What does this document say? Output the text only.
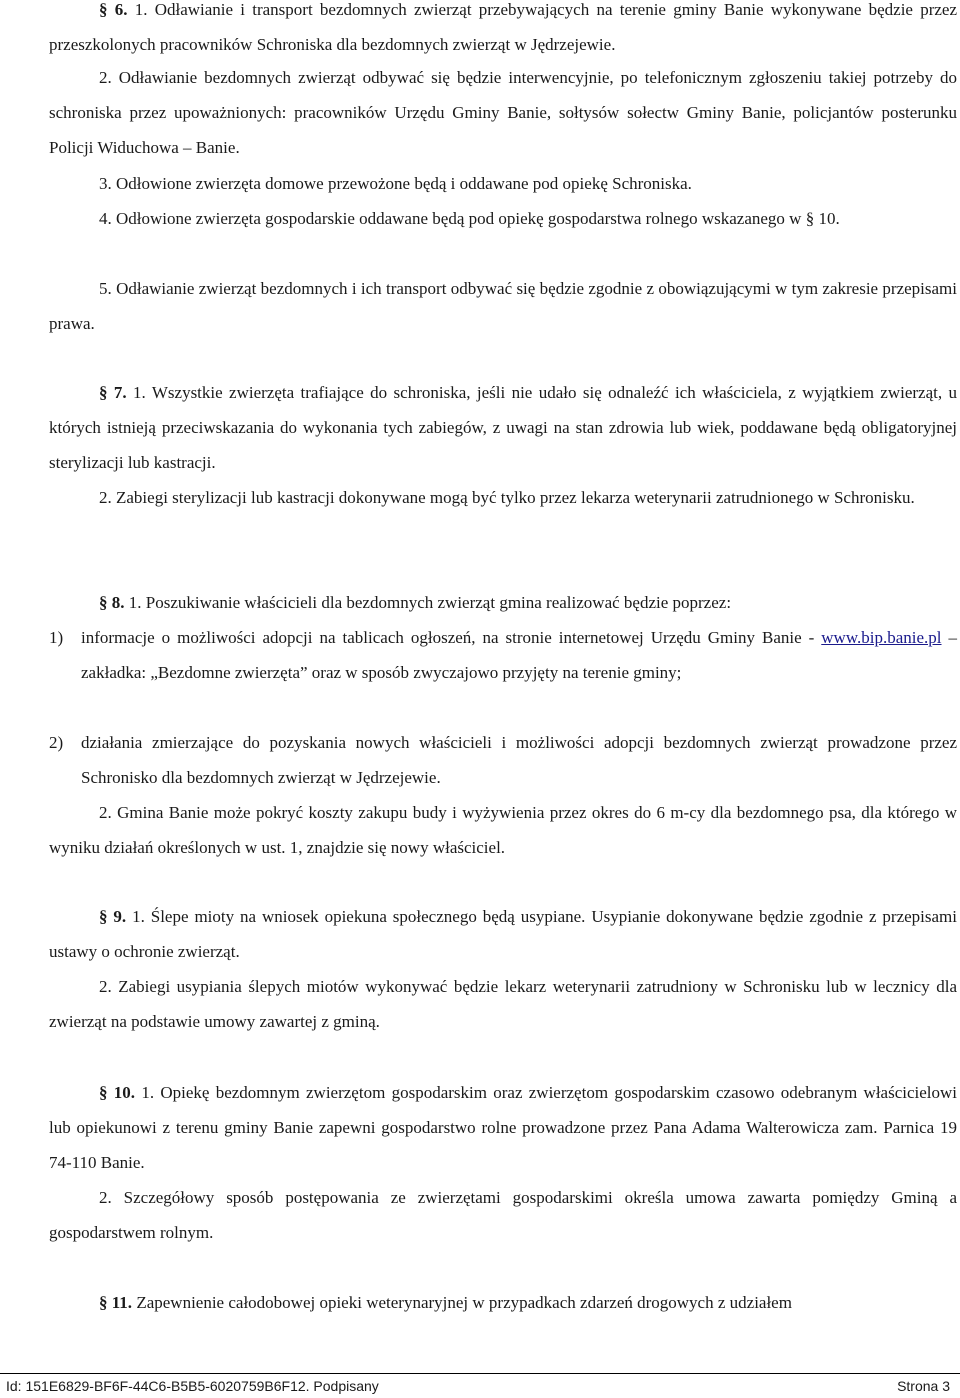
§ 6. 1. Odławianie i transport bezdomnych zwierząt przebywających na terenie gminy Banie wykonywane będzie przez przeszkolonych pracowników Schroniska dla bezdomnych zwierząt w Jędrzejewie.

2. Odławianie bezdomnych zwierząt odbywać się będzie interwencyjnie, po telefonicznym zgłoszeniu takiej potrzeby do schroniska przez upoważnionych: pracowników Urzędu Gminy Banie, sołtysów sołectw Gminy Banie, policjantów posterunku Policji Widuchowa – Banie.

3. Odłowione zwierzęta domowe przewożone będą i oddawane pod opiekę Schroniska.

4. Odłowione zwierzęta gospodarskie oddawane będą pod opiekę gospodarstwa rolnego wskazanego w § 10.

5. Odławianie zwierząt bezdomnych i ich transport odbywać się będzie zgodnie z obowiązującymi w tym zakresie przepisami prawa.

§ 7. 1. Wszystkie zwierzęta trafiające do schroniska, jeśli nie udało się odnaleźć ich właściciela, z wyjątkiem zwierząt, u których istnieją przeciwskazania do wykonania tych zabiegów, z uwagi na stan zdrowia lub wiek, poddawane będą obligatoryjnej sterylizacji lub kastracji.

2. Zabiegi sterylizacji lub kastracji dokonywane mogą być tylko przez lekarza weterynarii zatrudnionego w Schronisku.

§ 8. 1. Poszukiwanie właścicieli dla bezdomnych zwierząt gmina realizować będzie poprzez:

1) informacje o możliwości adopcji na tablicach ogłoszeń, na stronie internetowej Urzędu Gminy Banie - www.bip.banie.pl – zakładka: „Bezdomne zwierzęta” oraz w sposób zwyczajowo przyjęty na terenie gminy;
2) działania zmierzające do pozyskania nowych właścicieli i możliwości adopcji bezdomnych zwierząt prowadzone przez Schronisko dla bezdomnych zwierząt w Jędrzejewie.

2. Gmina Banie może pokryć koszty zakupu budy i wyżywienia przez okres do 6 m-cy dla bezdomnego psa, dla którego w wyniku działań określonych w ust. 1, znajdzie się nowy właściciel.

§ 9. 1. Ślepe mioty na wniosek opiekuna społecznego będą usypiane. Usypianie dokonywane będzie zgodnie z przepisami ustawy o ochronie zwierząt.

2. Zabiegi usypiania ślepych miotów wykonywać będzie lekarz weterynarii zatrudniony w Schronisku lub w lecznicy dla zwierząt na podstawie umowy zawartej z gminą.

§ 10. 1. Opiekę bezdomnym zwierzętom gospodarskim oraz zwierzętom gospodarskim czasowo odebranym właścicielowi lub opiekunowi z terenu gminy Banie zapewni gospodarstwo rolne prowadzone przez Pana Adama Walterowicza zam. Parnica 19 74-110 Banie.

2. Szczegółowy sposób postępowania ze zwierzętami gospodarskimi określa umowa zawarta pomiędzy Gminą a gospodarstwem rolnym.

§ 11. Zapewnienie całodobowej opieki weterynaryjnej w przypadkach zdarzeń drogowych z udziałem

Id: 151E6829-BF6F-44C6-B5B5-6020759B6F12. Podpisany	Strona 3
